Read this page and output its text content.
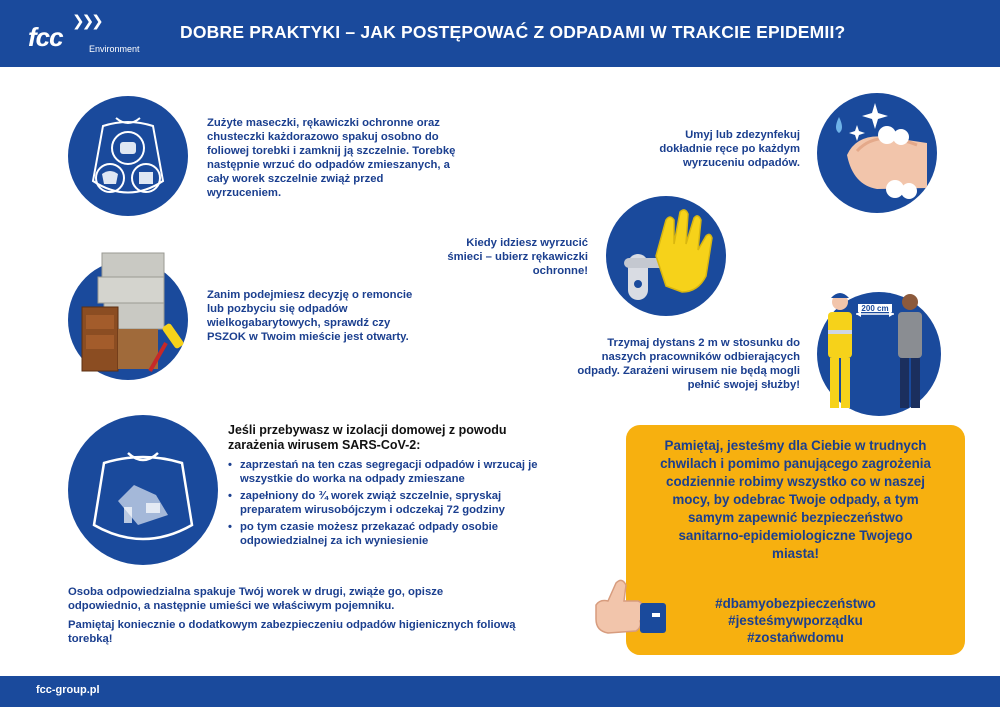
fcc
❯❯❯
Environment
DOBRE PRAKTYKI – JAK POSTĘPOWAĆ Z ODPADAMI W TRAKCIE EPIDEMII?
Zużyte maseczki, rękawiczki ochronne oraz chusteczki każdorazowo spakuj osobno do foliowej torebki i zamknij ją szczelnie. Torebkę następnie wrzuć do odpadów zmieszanych, a cały worek szczelnie zwiąż przed wyrzuceniem.
Zanim podejmiesz decyzję o remoncie lub pozbyciu się odpadów wielkogabarytowych, sprawdź czy PSZOK w Twoim mieście jest otwarty.
Umyj lub zdezynfekuj dokładnie ręce po każdym wyrzuceniu odpadów.
Kiedy idziesz wyrzucić śmieci – ubierz rękawiczki ochronne!
Trzymaj dystans 2 m w stosunku do naszych pracowników odbierających odpady. Zarażeni wirusem nie będą mogli pełnić swojej służby!
200 cm
Jeśli przebywasz w izolacji domowej z powodu zarażenia wirusem SARS-CoV-2:
• zaprzestań na ten czas segregacji odpadów i wrzucaj je wszystkie do worka na odpady zmieszane
• zapełniony do ¾ worek zwiąż szczelnie, spryskaj preparatem wirusobójczym i odczekaj 72 godziny
• po tym czasie możesz przekazać odpady osobie odpowiedzialnej za ich wyniesienie
Osoba odpowiedzialna spakuje Twój worek w drugi, zwiąże go, opisze odpowiednio, a następnie umieści we właściwym pojemniku.
Pamiętaj koniecznie o dodatkowym zabezpieczeniu odpadów higienicznych foliową torebką!
Pamiętaj, jesteśmy dla Ciebie w trudnych chwilach i pomimo panującego zagrożenia codziennie robimy wszystko co w naszej mocy, by odebrac Twoje odpady, a tym samym zapewnić bezpieczeństwo sanitarno-epidemiologiczne Twojego miasta!
#dbamyobezpieczeństwo
#jesteśmywporządku
#zostańwdomu
fcc-group.pl
